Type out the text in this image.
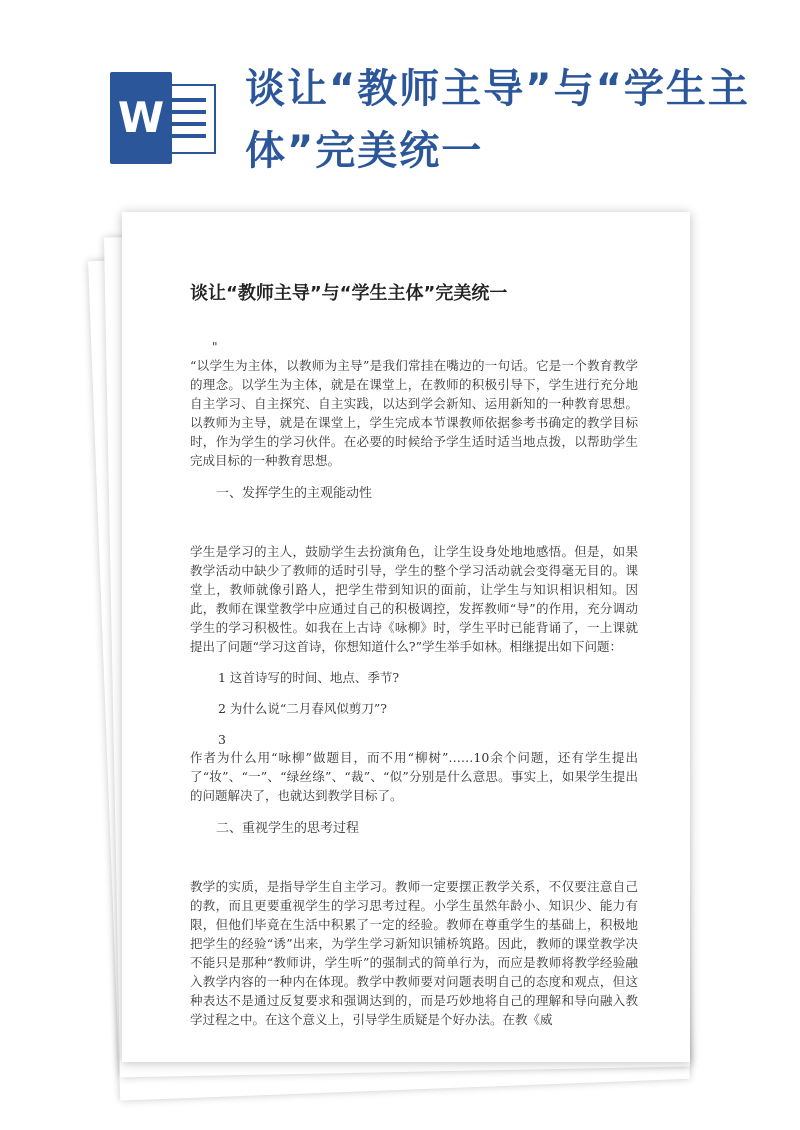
W
谈让“教师主导”与“学生主体”完美统一
谈让“教师主导”与“学生主体”完美统一
"

“以学生为主体，以教师为主导”是我们常挂在嘴边的一句话。它是一个教育教学的理念。以学生为主体，就是在课堂上，在教师的积极引导下，学生进行充分地自主学习、自主探究、自主实践，以达到学会新知、运用新知的一种教育思想。以教师为主导，就是在课堂上，学生完成本节课教师依据参考书确定的教学目标时，作为学生的学习伙伴。在必要的时候给予学生适时适当地点拨，以帮助学生完成目标的一种教育思想。

一、发挥学生的主观能动性

学生是学习的主人，鼓励学生去扮演角色，让学生设身处地地感悟。但是，如果教学活动中缺少了教师的适时引导，学生的整个学习活动就会变得毫无目的。课堂上，教师就像引路人，把学生带到知识的面前，让学生与知识相识相知。因此，教师在课堂教学中应通过自己的积极调控，发挥教师“导”的作用，充分调动学生的学习积极性。如我在上古诗《咏柳》时，学生平时已能背诵了，一上课就提出了问题“学习这首诗，你想知道什么?”学生举手如林。相继提出如下问题：

1 这首诗写的时间、地点、季节?
2 为什么说“二月春风似剪刀”?
3

作者为什么用“咏柳”做题目，而不用“柳树”……10余个问题，还有学生提出了“妆”、“一”、“绿丝绦”、“裁”、“似”分别是什么意思。事实上，如果学生提出的问题解决了，也就达到教学目标了。

二、重视学生的思考过程

教学的实质，是指导学生自主学习。教师一定要摆正教学关系，不仅要注意自己的教，而且更要重视学生的学习思考过程。小学生虽然年龄小、知识少、能力有限，但他们毕竟在生活中积累了一定的经验。教师在尊重学生的基础上，积极地把学生的经验“诱”出来，为学生学习新知识铺桥筑路。因此，教师的课堂教学决不能只是那种“教师讲，学生听”的强制式的简单行为，而应是教师将教学经验融入教学内容的一种内在体现。教学中教师要对问题表明自己的态度和观点，但这种表达不是通过反复要求和强调达到的，而是巧妙地将自己的理解和导向融入教学过程之中。在这个意义上，引导学生质疑是个好办法。在教《威
